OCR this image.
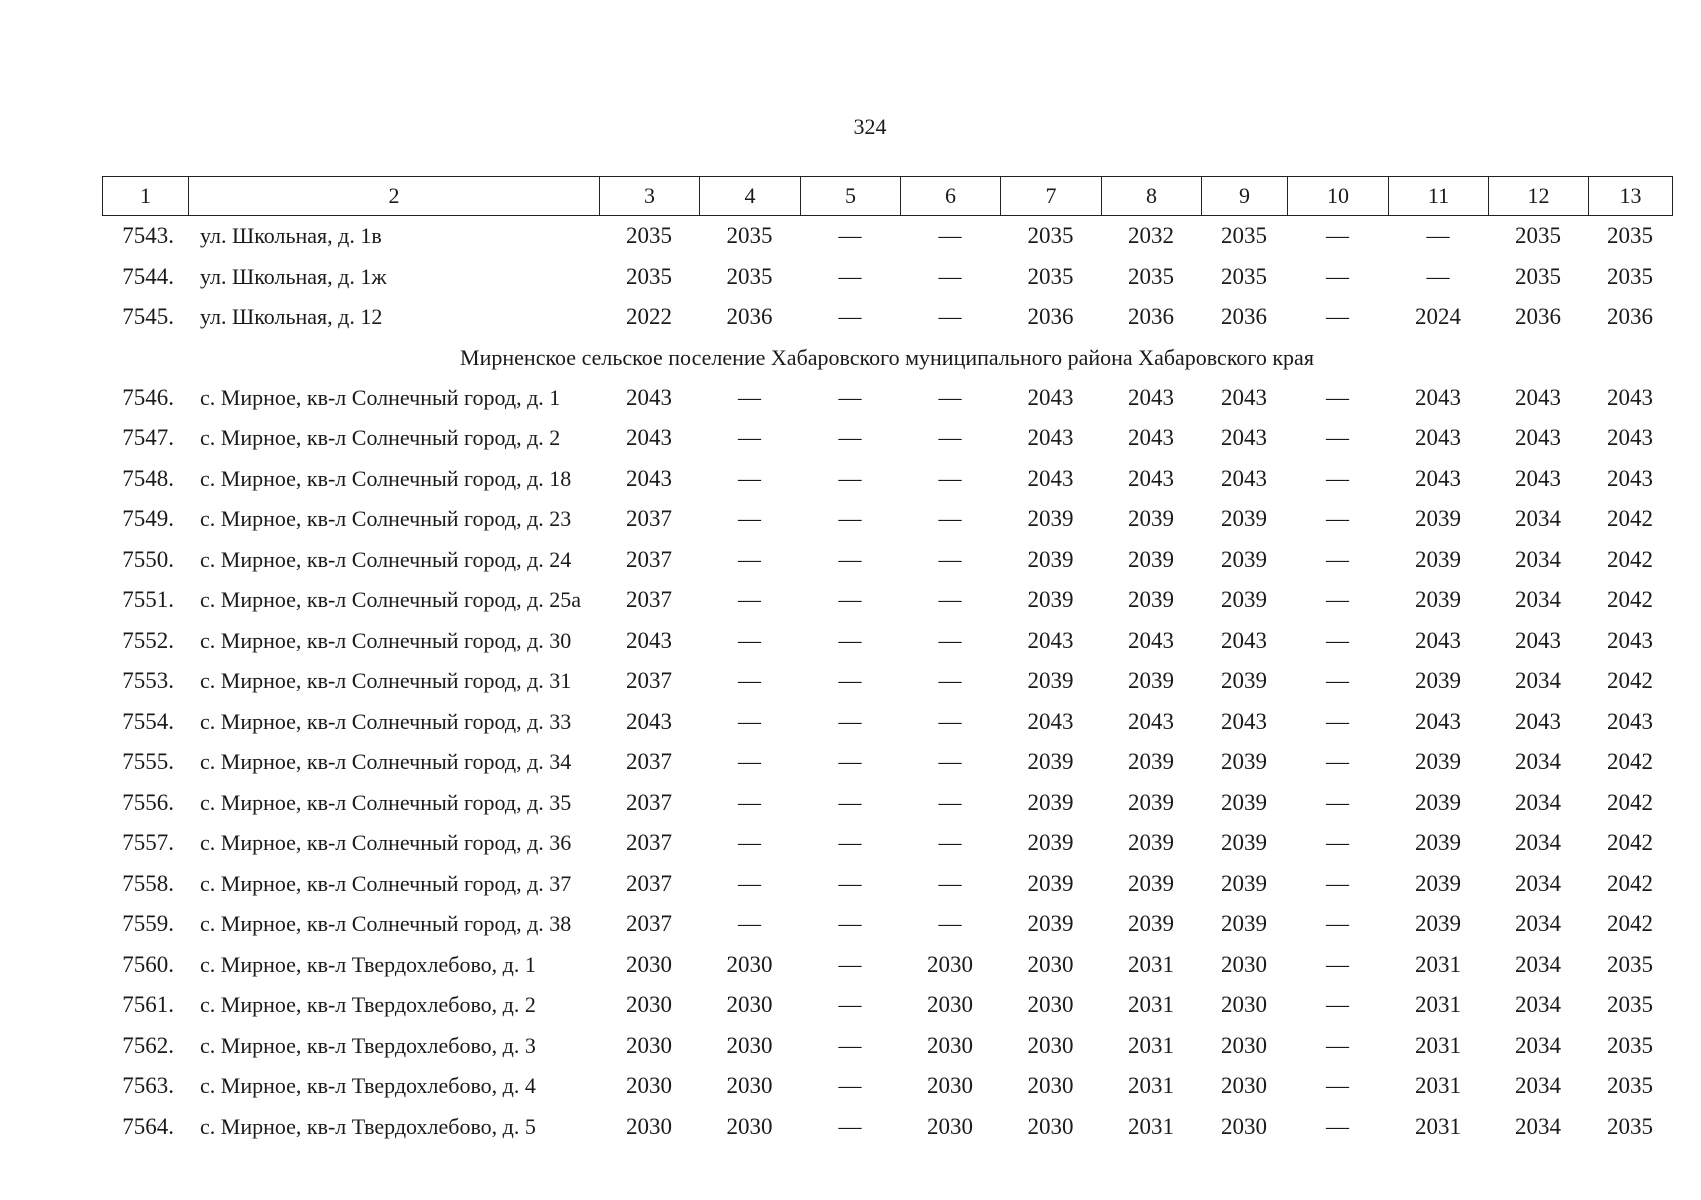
324
1	2	3	4	5	6	7	8	9	10	11	12	13
7543.	ул. Школьная, д. 1в	2035	2035	—	—	2035	2032	2035	—	—	2035	2035
7544.	ул. Школьная, д. 1ж	2035	2035	—	—	2035	2035	2035	—	—	2035	2035
7545.	ул. Школьная, д. 12	2022	2036	—	—	2036	2036	2036	—	2024	2036	2036
Мирненское сельское поселение Хабаровского муниципального района Хабаровского края
7546.	с. Мирное, кв-л Солнечный город, д. 1	2043	—	—	—	2043	2043	2043	—	2043	2043	2043
7547.	с. Мирное, кв-л Солнечный город, д. 2	2043	—	—	—	2043	2043	2043	—	2043	2043	2043
7548.	с. Мирное, кв-л Солнечный город, д. 18	2043	—	—	—	2043	2043	2043	—	2043	2043	2043
7549.	с. Мирное, кв-л Солнечный город, д. 23	2037	—	—	—	2039	2039	2039	—	2039	2034	2042
7550.	с. Мирное, кв-л Солнечный город, д. 24	2037	—	—	—	2039	2039	2039	—	2039	2034	2042
7551.	с. Мирное, кв-л Солнечный город, д. 25а	2037	—	—	—	2039	2039	2039	—	2039	2034	2042
7552.	с. Мирное, кв-л Солнечный город, д. 30	2043	—	—	—	2043	2043	2043	—	2043	2043	2043
7553.	с. Мирное, кв-л Солнечный город, д. 31	2037	—	—	—	2039	2039	2039	—	2039	2034	2042
7554.	с. Мирное, кв-л Солнечный город, д. 33	2043	—	—	—	2043	2043	2043	—	2043	2043	2043
7555.	с. Мирное, кв-л Солнечный город, д. 34	2037	—	—	—	2039	2039	2039	—	2039	2034	2042
7556.	с. Мирное, кв-л Солнечный город, д. 35	2037	—	—	—	2039	2039	2039	—	2039	2034	2042
7557.	с. Мирное, кв-л Солнечный город, д. 36	2037	—	—	—	2039	2039	2039	—	2039	2034	2042
7558.	с. Мирное, кв-л Солнечный город, д. 37	2037	—	—	—	2039	2039	2039	—	2039	2034	2042
7559.	с. Мирное, кв-л Солнечный город, д. 38	2037	—	—	—	2039	2039	2039	—	2039	2034	2042
7560.	с. Мирное, кв-л Твердохлебово, д. 1	2030	2030	—	2030	2030	2031	2030	—	2031	2034	2035
7561.	с. Мирное, кв-л Твердохлебово, д. 2	2030	2030	—	2030	2030	2031	2030	—	2031	2034	2035
7562.	с. Мирное, кв-л Твердохлебово, д. 3	2030	2030	—	2030	2030	2031	2030	—	2031	2034	2035
7563.	с. Мирное, кв-л Твердохлебово, д. 4	2030	2030	—	2030	2030	2031	2030	—	2031	2034	2035
7564.	с. Мирное, кв-л Твердохлебово, д. 5	2030	2030	—	2030	2030	2031	2030	—	2031	2034	2035
